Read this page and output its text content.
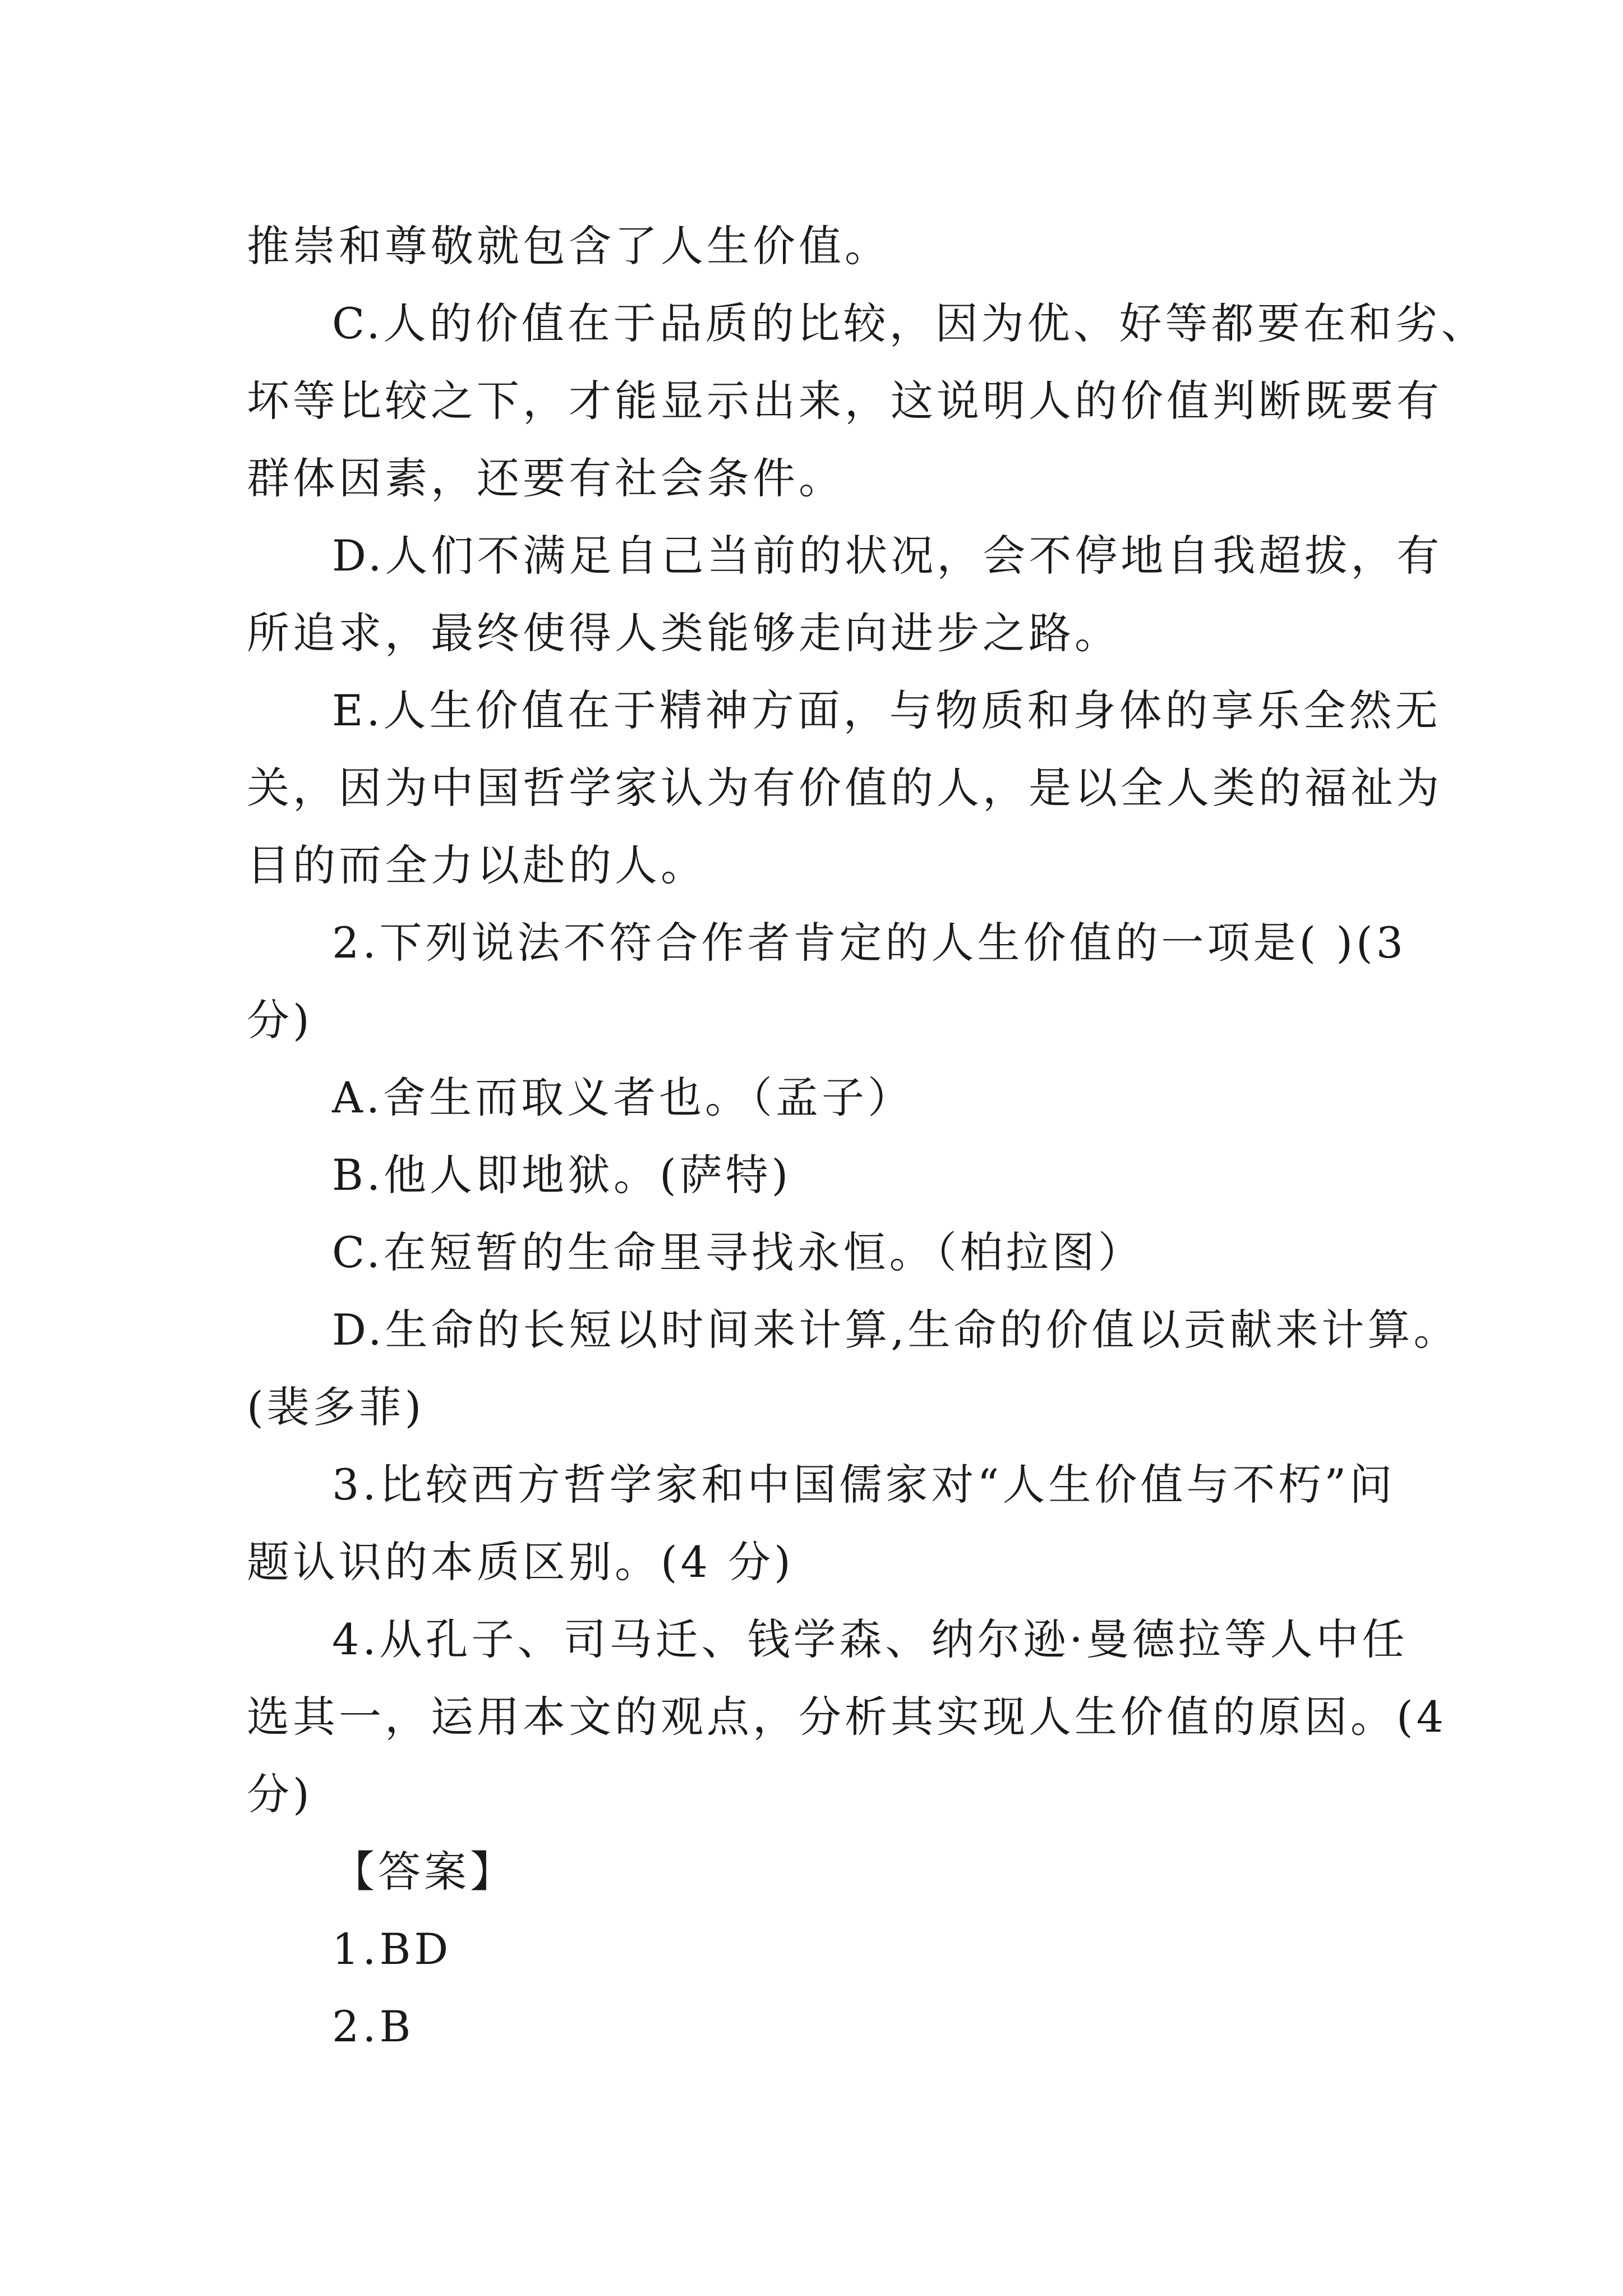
推崇和尊敬就包含了人生价值。
C.人的价值在于品质的比较，因为优、好等都要在和劣、
坏等比较之下，才能显示出来，这说明人的价值判断既要有
群体因素，还要有社会条件。
D.人们不满足自己当前的状况，会不停地自我超拔，有
所追求，最终使得人类能够走向进步之路。
E.人生价值在于精神方面，与物质和身体的享乐全然无
关，因为中国哲学家认为有价值的人，是以全人类的福祉为
目的而全力以赴的人。
2.下列说法不符合作者肯定的人生价值的一项是( )(3
分)
A.舍生而取义者也。（孟子）
B.他人即地狱。(萨特)
C.在短暂的生命里寻找永恒。（柏拉图）
D.生命的长短以时间来计算,生命的价值以贡献来计算。
(裴多菲)
3.比较西方哲学家和中国儒家对“人生价值与不朽”问
题认识的本质区别。(4 分)
4.从孔子、司马迁、钱学森、纳尔逊·曼德拉等人中任
选其一，运用本文的观点，分析其实现人生价值的原因。(4
分)
【答案】
1.BD
2.B
